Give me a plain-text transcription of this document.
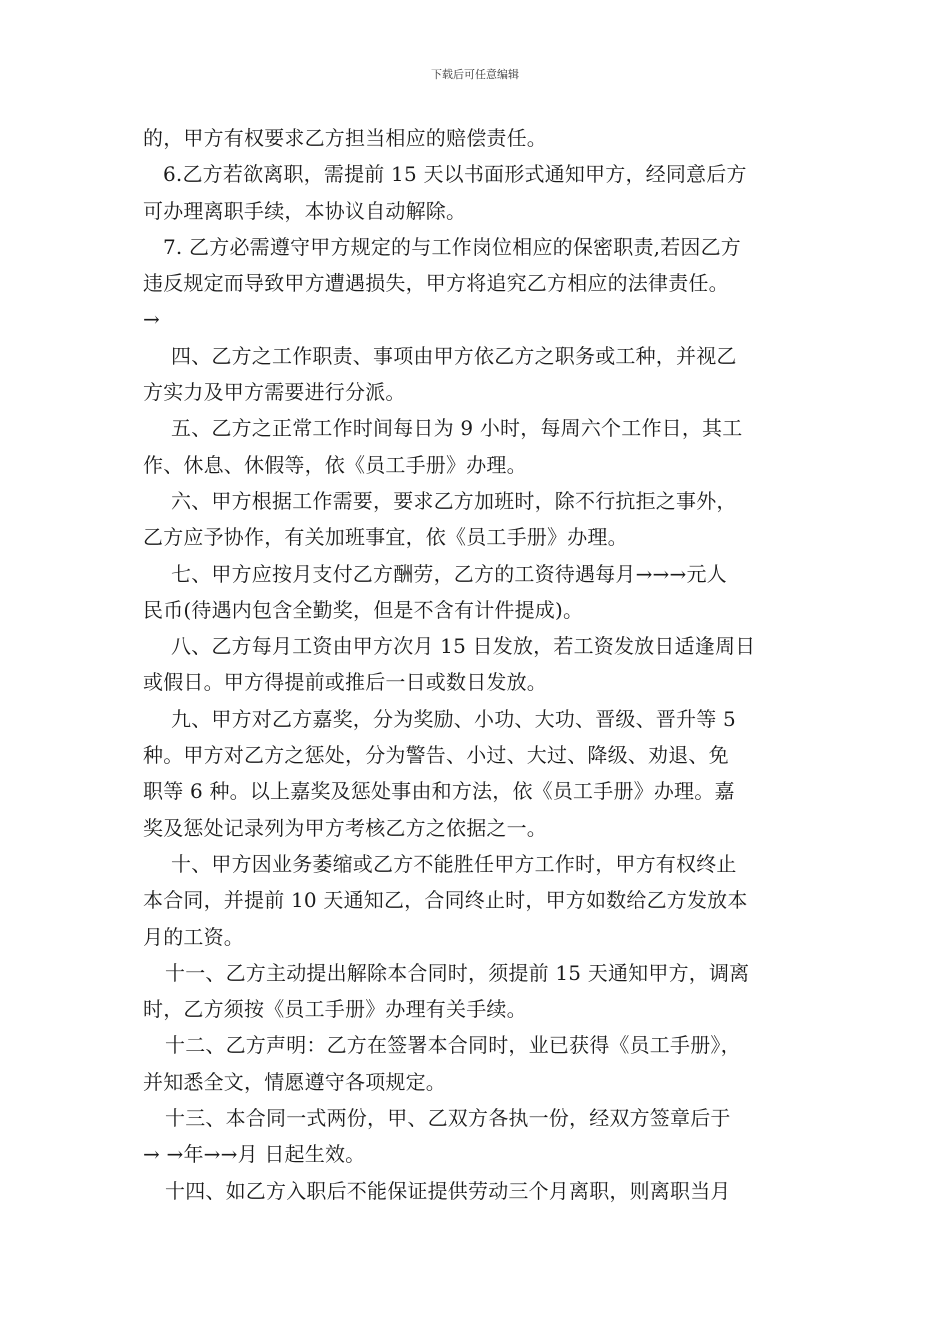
下载后可任意编辑
的，甲方有权要求乙方担当相应的赔偿责任。
6.乙方若欲离职，需提前 15 天以书面形式通知甲方，经同意后方
可办理离职手续，本协议自动解除。
7. 乙方必需遵守甲方规定的与工作岗位相应的保密职责,若因乙方
违反规定而导致甲方遭遇损失，甲方将追究乙方相应的法律责任。
→
四、乙方之工作职责、事项由甲方依乙方之职务或工种，并视乙
方实力及甲方需要进行分派。
五、乙方之正常工作时间每日为 9 小时，每周六个工作日，其工
作、休息、休假等，依《员工手册》办理。
六、甲方根据工作需要，要求乙方加班时，除不行抗拒之事外，
乙方应予协作，有关加班事宜，依《员工手册》办理。
七、甲方应按月支付乙方酬劳，乙方的工资待遇每月→→→元人
民币(待遇内包含全勤奖，但是不含有计件提成)。
八、乙方每月工资由甲方次月 15 日发放，若工资发放日适逢周日
或假日。甲方得提前或推后一日或数日发放。
九、甲方对乙方嘉奖，分为奖励、小功、大功、晋级、晋升等 5
种。甲方对乙方之惩处，分为警告、小过、大过、降级、劝退、免
职等 6 种。以上嘉奖及惩处事由和方法，依《员工手册》办理。嘉
奖及惩处记录列为甲方考核乙方之依据之一。
十、甲方因业务萎缩或乙方不能胜任甲方工作时，甲方有权终止
本合同，并提前 10 天通知乙，合同终止时，甲方如数给乙方发放本
月的工资。
十一、乙方主动提出解除本合同时，须提前 15 天通知甲方，调离
时，乙方须按《员工手册》办理有关手续。
十二、乙方声明：乙方在签署本合同时，业已获得《员工手册》，
并知悉全文，情愿遵守各项规定。
十三、本合同一式两份，甲、乙双方各执一份，经双方签章后于
→ →年→→月 日起生效。
十四、如乙方入职后不能保证提供劳动三个月离职，则离职当月
